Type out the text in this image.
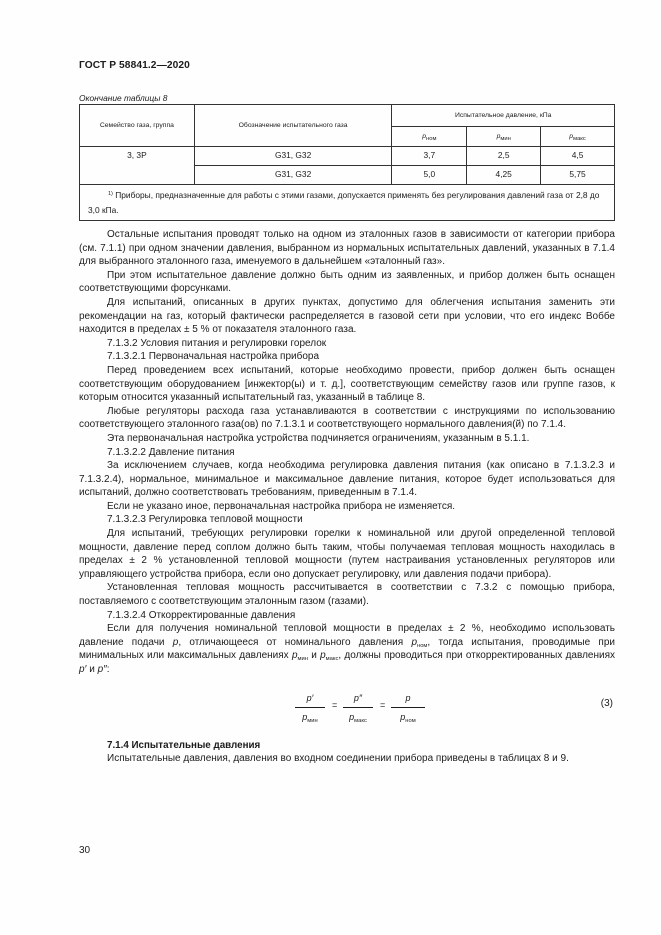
ГОСТ Р 58841.2—2020
Окончание таблицы 8
Семейство газа, группа	Обозначение испытательного газа	Испытательное давление, кПа		
		$p_{ном}$	$p_{мин}$	$p_{макс}$
3, 3P	G31, G32	3,7	2,5	4,5
	G31, G32	5,0	4,25	5,75
$^{1)}$ Приборы, предназначенные для работы с этими газами, допускается применять без регулирования давлений газа от 2,8 до 3,0 кПа.				

Остальные испытания проводят только на одном из эталонных газов в зависимости от категории прибора (см. 7.1.1) при одном значении давления, выбранном из нормальных испытательных давлений, указанных в 7.1.4 для выбранного эталонного газа, именуемого в дальнейшем «эталонный газ».

При этом испытательное давление должно быть одним из заявленных, и прибор должен быть оснащен соответствующими форсунками.

Для испытаний, описанных в других пунктах, допустимо для облегчения испытания заменить эти рекомендации на газ, который фактически распределяется в газовой сети при условии, что его индекс Воббе находится в пределах ± 5 % от показателя эталонного газа.

7.1.3.2 Условия питания и регулировки горелок

7.1.3.2.1 Первоначальная настройка прибора

Перед проведением всех испытаний, которые необходимо провести, прибор должен быть оснащен соответствующим оборудованием [инжектор(ы) и т. д.], соответствующим семейству газов или группе газов, к которым относится указанный испытательный газ, указанный в таблице 8.

Любые регуляторы расхода газа устанавливаются в соответствии с инструкциями по использованию соответствующего эталонного газа(ов) по 7.1.3.1 и соответствующего нормального давления(й) по 7.1.4.

Эта первоначальная настройка устройства подчиняется ограничениям, указанным в 5.1.1.

7.1.3.2.2 Давление питания

За исключением случаев, когда необходима регулировка давления питания (как описано в 7.1.3.2.3 и 7.1.3.2.4), нормальное, минимальное и максимальное давление питания, которое будет использоваться для испытаний, должно соответствовать требованиям, приведенным в 7.1.4.

Если не указано иное, первоначальная настройка прибора не изменяется.

7.1.3.2.3 Регулировка тепловой мощности

Для испытаний, требующих регулировки горелки к номинальной или другой определенной тепловой мощности, давление перед соплом должно быть таким, чтобы получаемая тепловая мощность находилась в пределах ± 2 % установленной тепловой мощности (путем настраивания установленных регуляторов или управляющего устройства прибора, если оно допускает регулировку, или давления подачи прибора).

Установленная тепловая мощность рассчитывается в соответствии с 7.3.2 с помощью прибора, поставляемого с соответствующим эталонным газом (газами).

7.1.3.2.4 Откорректированные давления

Если для получения номинальной тепловой мощности в пределах ± 2 %, необходимо использовать давление подачи p, отличающееся от номинального давления $p_{ном}$, тогда испытания, проводимые при минимальных или максимальных давлениях $p_{мин}$ и $p_{макс}$, должны проводиться при откорректированных давлениях p′ и p″:

p′
$p_{мин}$
=
p″
$p_{макс}$
=
p
$p_{ном}$
(3)

7.1.4 Испытательные давления

Испытательные давления, давления во входном соединении прибора приведены в таблицах 8 и 9.

30
